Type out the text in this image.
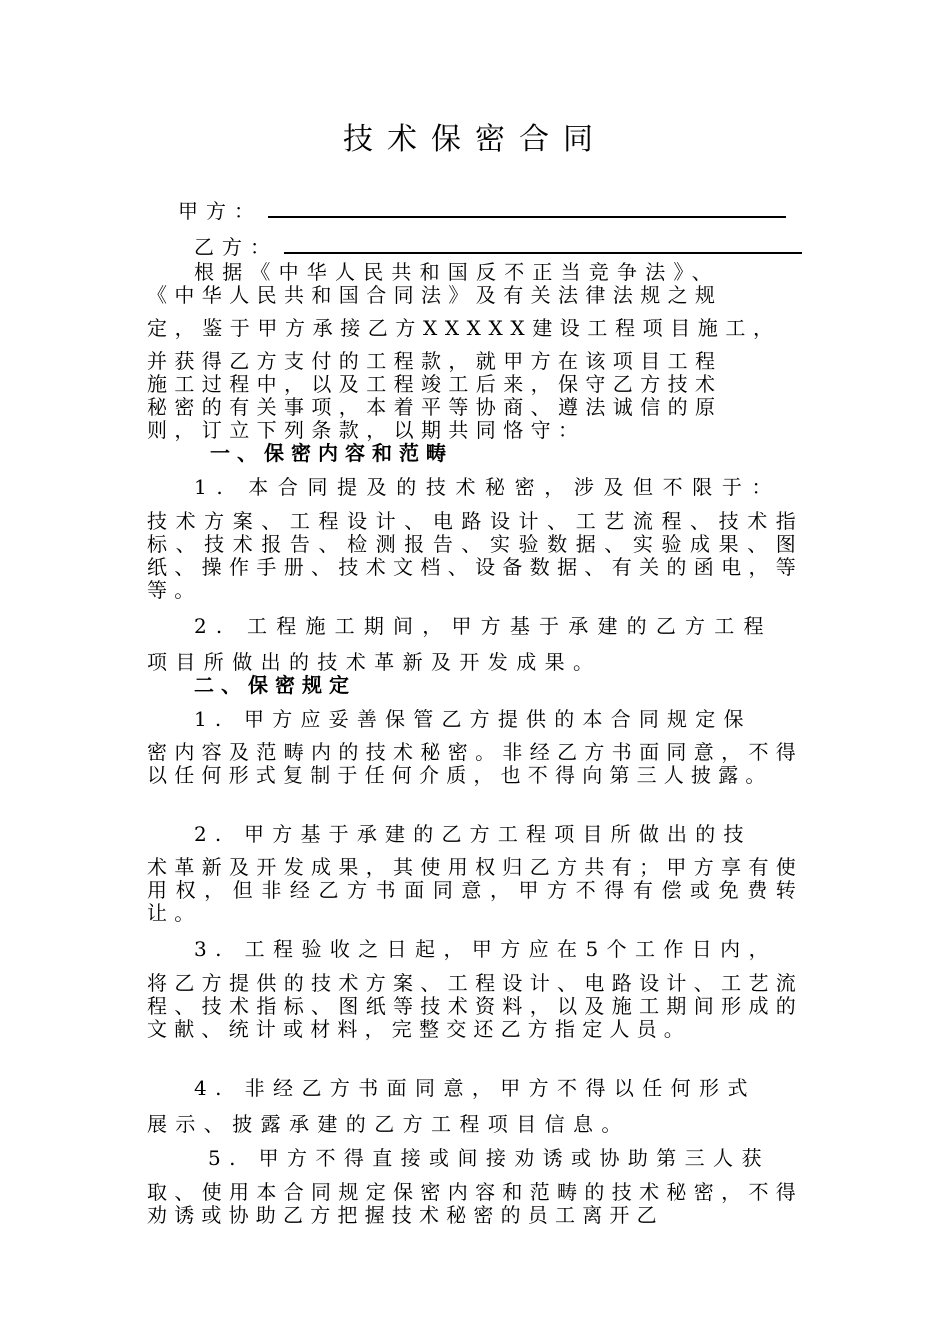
技术保密合同
甲方：
乙方：
根据《中华人民共和国反不正当竞争法》、
《中华人民共和国合同法》及有关法律法规之规
定，鉴于甲方承接乙方XXXXX建设工程项目施工，
并获得乙方支付的工程款，就甲方在该项目工程
施工过程中，以及工程竣工后来，保守乙方技术
秘密的有关事项，本着平等协商、遵法诚信的原
则，订立下列条款，以期共同恪守：
一、保密内容和范畴
1. 本合同提及的技术秘密，涉及但不限于：
技术方案、工程设计、电路设计、工艺流程、技术指标、技术报告、检测报告、实验数据、实验成果、图纸、操作手册、技术文档、设备数据、有关的函电，等等。
2. 工程施工期间，甲方基于承建的乙方工程
项目所做出的技术革新及开发成果。
二、保密规定
1. 甲方应妥善保管乙方提供的本合同规定保
密内容及范畴内的技术秘密。非经乙方书面同意，不得以任何形式复制于任何介质，也不得向第三人披露。
2. 甲方基于承建的乙方工程项目所做出的技
术革新及开发成果，其使用权归乙方共有；甲方享有使用权，但非经乙方书面同意，甲方不得有偿或免费转让。
3. 工程验收之日起，甲方应在5个工作日内，
将乙方提供的技术方案、工程设计、电路设计、工艺流程、技术指标、图纸等技术资料，以及施工期间形成的文献、统计或材料，完整交还乙方指定人员。
4. 非经乙方书面同意，甲方不得以任何形式
展示、披露承建的乙方工程项目信息。
5. 甲方不得直接或间接劝诱或协助第三人获
取、使用本合同规定保密内容和范畴的技术秘密，不得劝诱或协助乙方把握技术秘密的员工离开乙
